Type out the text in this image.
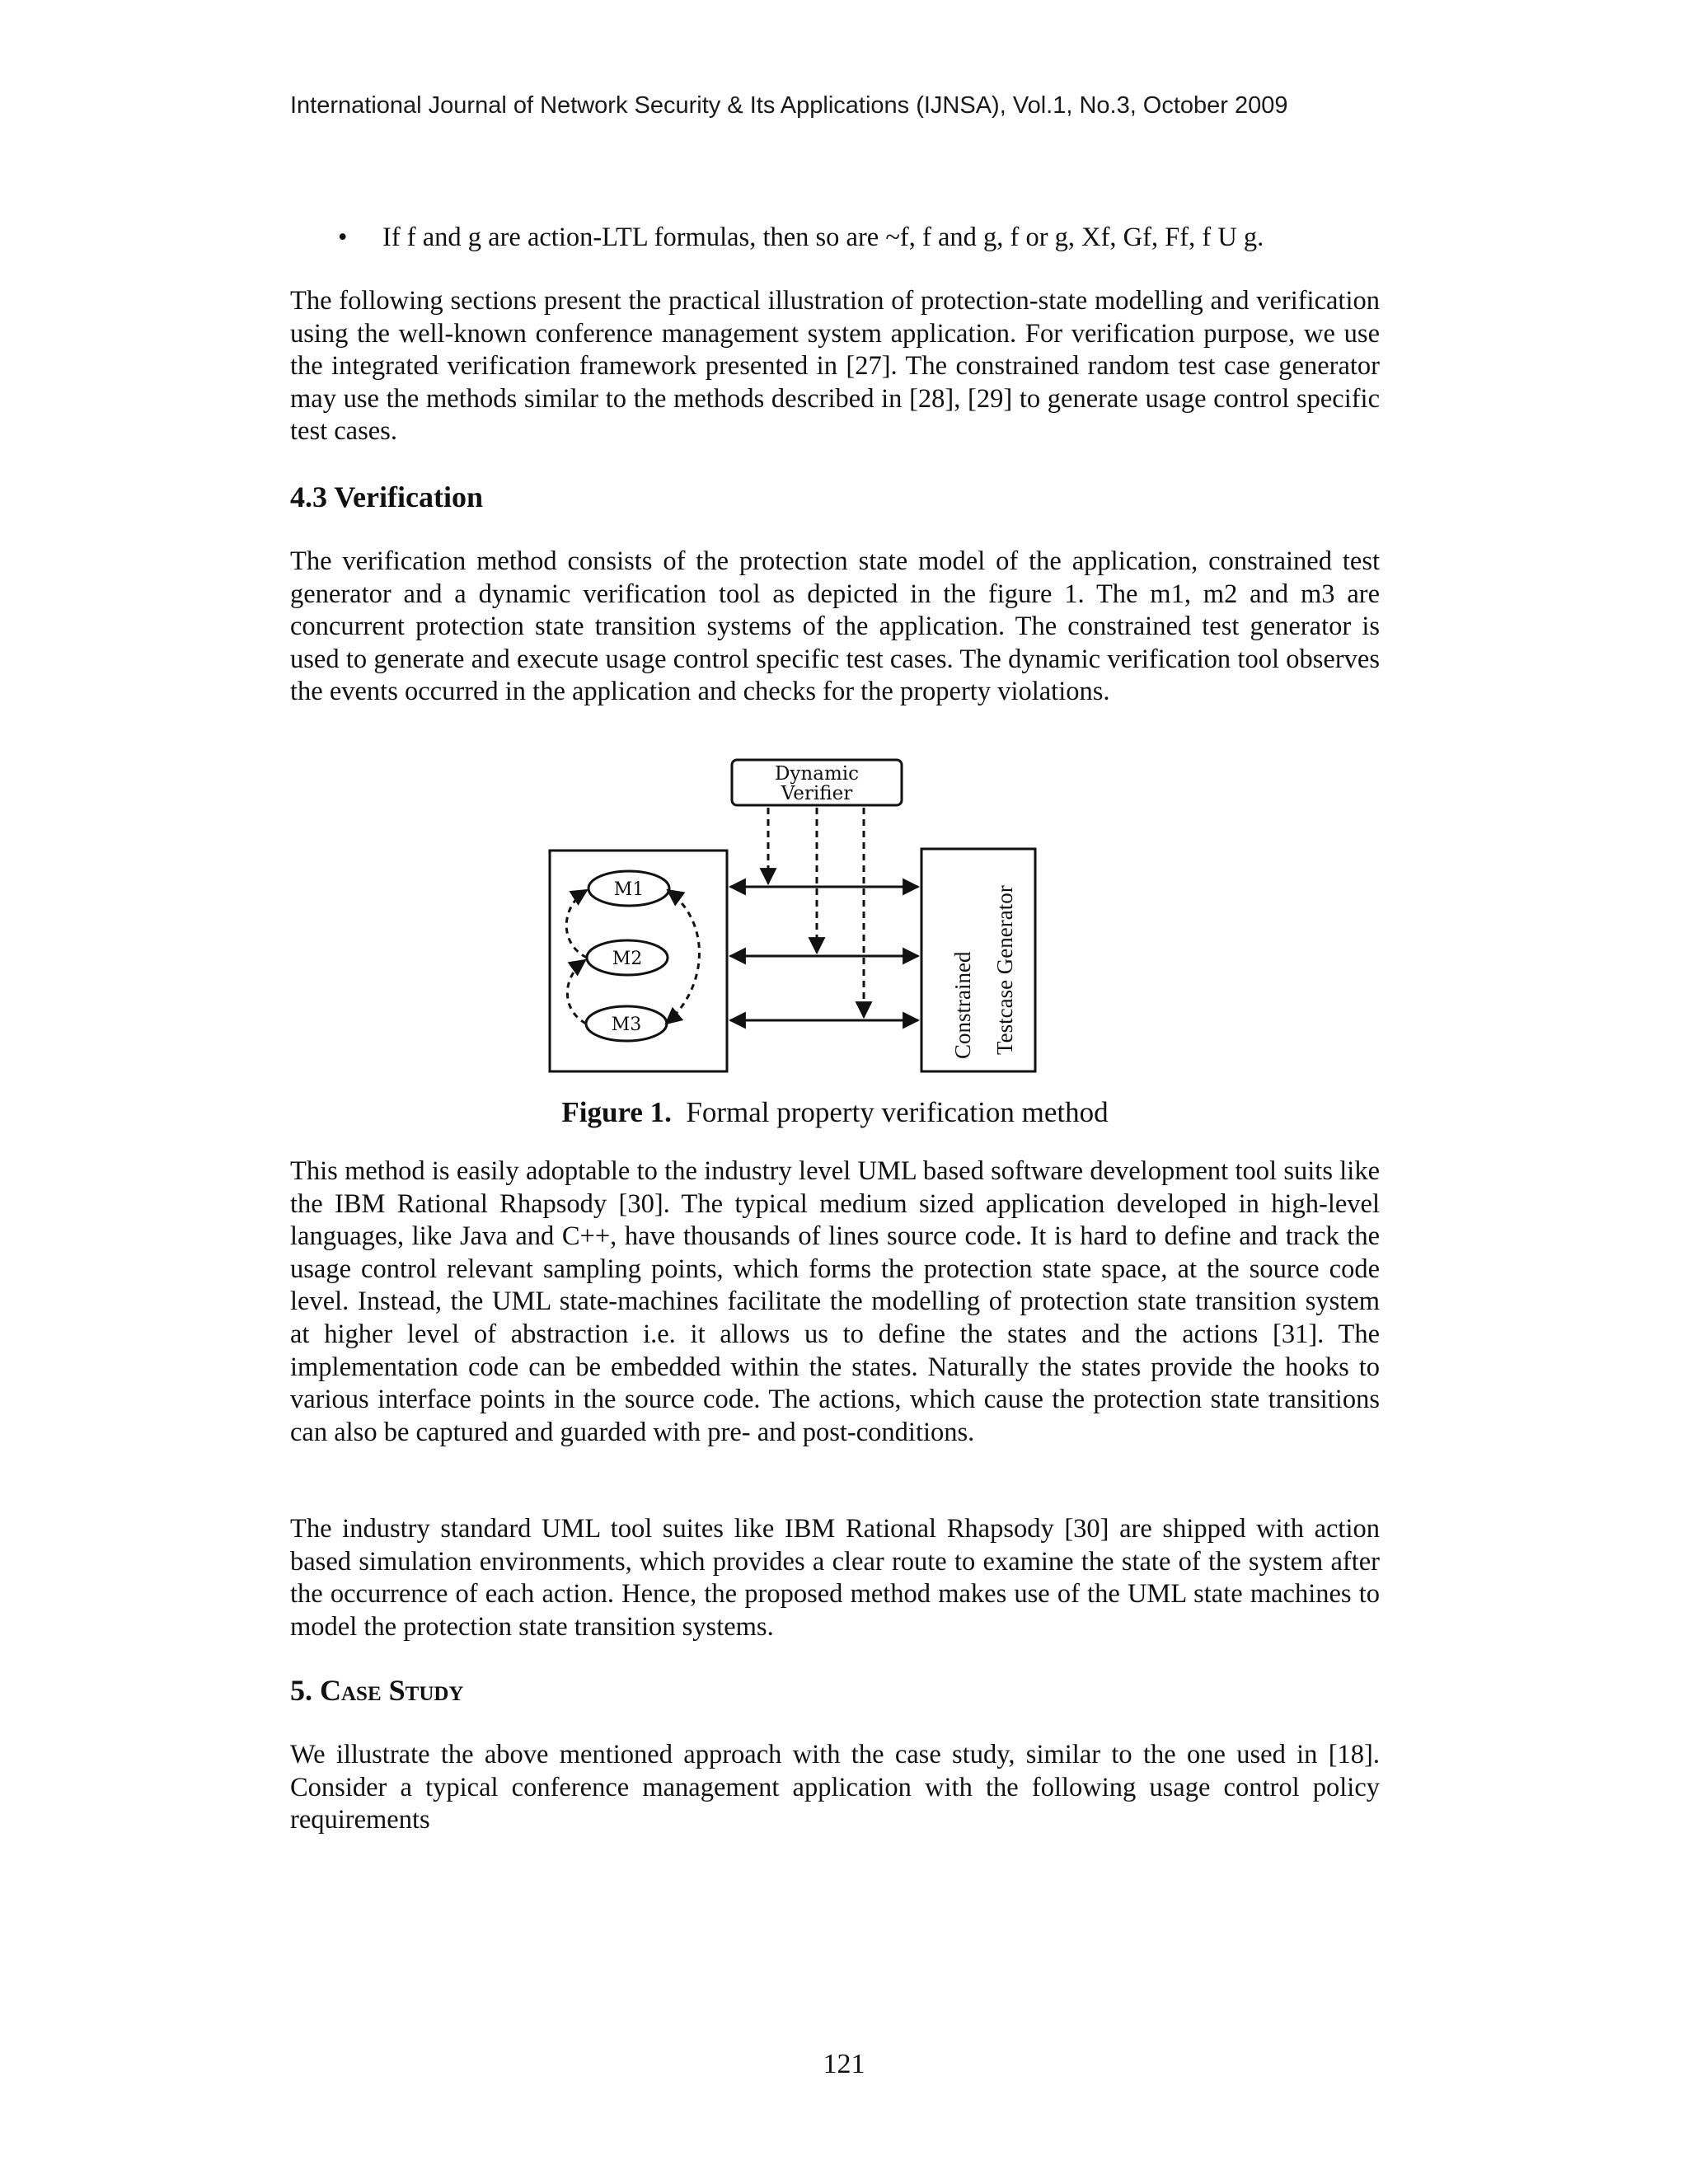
International Journal of Network Security & Its Applications (IJNSA), Vol.1, No.3, October 2009
• If f and g are action-LTL formulas, then so are ~f, f and g, f or g, Xf, Gf, Ff, f U g.

The following sections present the practical illustration of protection-state modelling and verification using the well-known conference management system application. For verification purpose, we use the integrated verification framework presented in [27]. The constrained random test case generator may use the methods similar to the methods described in [28], [29] to generate usage control specific test cases.

4.3 Verification

The verification method consists of the protection state model of the application, constrained test generator and a dynamic verification tool as depicted in the figure 1. The m1, m2 and m3 are concurrent protection state transition systems of the application. The constrained test generator is used to generate and execute usage control specific test cases. The dynamic verification tool observes the events occurred in the application and checks for the property violations.

Dynamic
Verifier
Constrained Testcase Generator
M1
M2
M3
Figure 1. Formal property verification method

This method is easily adoptable to the industry level UML based software development tool suits like the IBM Rational Rhapsody [30]. The typical medium sized application developed in high-level languages, like Java and C++, have thousands of lines source code. It is hard to define and track the usage control relevant sampling points, which forms the protection state space, at the source code level. Instead, the UML state-machines facilitate the modelling of protection state transition system at higher level of abstraction i.e. it allows us to define the states and the actions [31]. The implementation code can be embedded within the states. Naturally the states provide the hooks to various interface points in the source code. The actions, which cause the protection state transitions can also be captured and guarded with pre- and post-conditions.

The industry standard UML tool suites like IBM Rational Rhapsody [30] are shipped with action based simulation environments, which provides a clear route to examine the state of the system after the occurrence of each action. Hence, the proposed method makes use of the UML state machines to model the protection state transition systems.

5. Case Study

We illustrate the above mentioned approach with the case study, similar to the one used in [18]. Consider a typical conference management application with the following usage control policy requirements

121
